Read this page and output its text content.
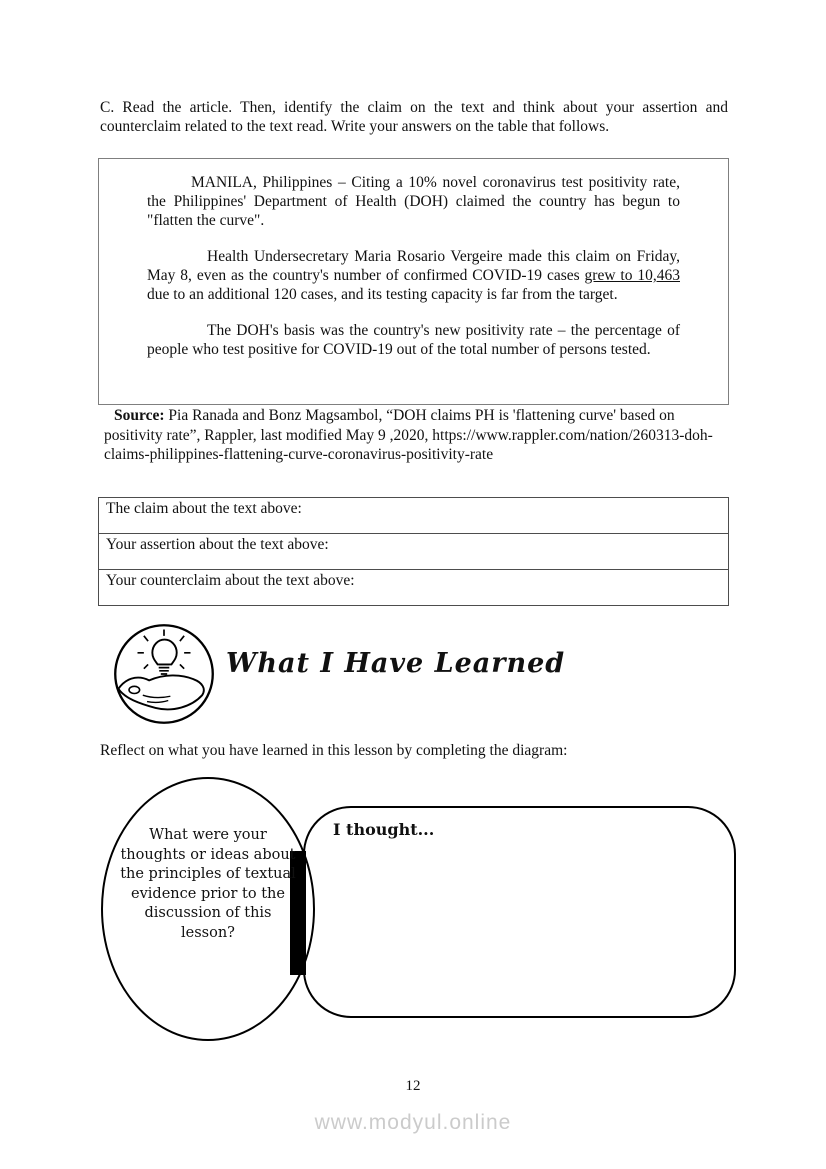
C. Read the article. Then, identify the claim on the text and think about your assertion and counterclaim related to the text read. Write your answers on the table that follows.

MANILA, Philippines – Citing a 10% novel coronavirus test positivity rate, the Philippines' Department of Health (DOH) claimed the country has begun to "flatten the curve".

Health Undersecretary Maria Rosario Vergeire made this claim on Friday, May 8, even as the country's number of confirmed COVID-19 cases grew to 10,463 due to an additional 120 cases, and its testing capacity is far from the target.

The DOH's basis was the country's new positivity rate – the percentage of people who test positive for COVID-19 out of the total number of persons tested.

Source: Pia Ranada and Bonz Magsambol, “DOH claims PH is 'flattening curve' based on positivity rate”, Rappler, last modified May 9 ,2020, https://www.rappler.com/nation/260313-doh-claims-philippines-flattening-curve-coronavirus-positivity-rate

The claim about the text above:
Your assertion about the text above:
Your counterclaim about the text above:
What I Have Learned

Reflect on what you have learned in this lesson by completing the diagram:

What were your thoughts or ideas about the principles of textual evidence prior to the discussion of this lesson?
I thought...
12
www.modyul.online
